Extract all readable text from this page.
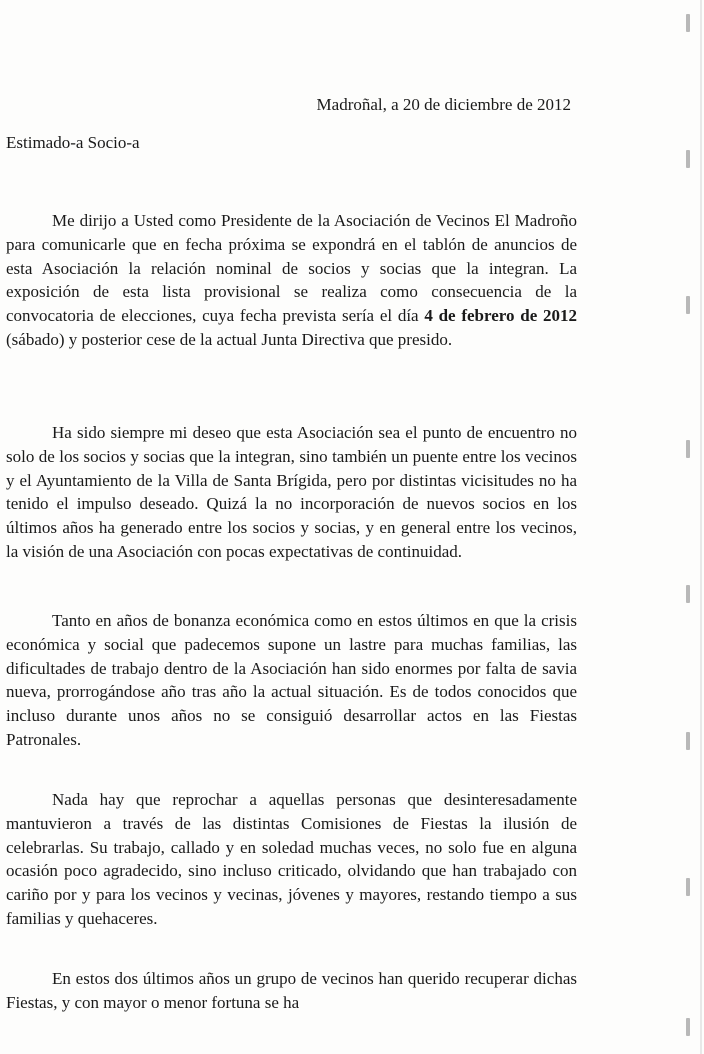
Madroñal, a 20 de diciembre de 2012
Estimado-a Socio-a

Me dirijo a Usted como Presidente de la Asociación de Vecinos El Madroño para comunicarle que en fecha próxima se expondrá en el tablón de anuncios de esta Asociación la relación nominal de socios y socias que la integran. La exposición de esta lista provisional se realiza como consecuencia de la convocatoria de elecciones, cuya fecha prevista sería el día 4 de febrero de 2012 (sábado) y posterior cese de la actual Junta Directiva que presido.

Ha sido siempre mi deseo que esta Asociación sea el punto de encuentro no solo de los socios y socias que la integran, sino también un puente entre los vecinos y el Ayuntamiento de la Villa de Santa Brígida, pero por distintas vicisitudes no ha tenido el impulso deseado. Quizá la no incorporación de nuevos socios en los últimos años ha generado entre los socios y socias, y en general entre los vecinos, la visión de una Asociación con pocas expectativas de continuidad.

Tanto en años de bonanza económica como en estos últimos en que la crisis económica y social que padecemos supone un lastre para muchas familias, las dificultades de trabajo dentro de la Asociación han sido enormes por falta de savia nueva, prorrogándose año tras año la actual situación. Es de todos conocidos que incluso durante unos años no se consiguió desarrollar actos en las Fiestas Patronales.

Nada hay que reprochar a aquellas personas que desinteresadamente mantuvieron a través de las distintas Comisiones de Fiestas la ilusión de celebrarlas. Su trabajo, callado y en soledad muchas veces, no solo fue en alguna ocasión poco agradecido, sino incluso criticado, olvidando que han trabajado con cariño por y para los vecinos y vecinas, jóvenes y mayores, restando tiempo a sus familias y quehaceres.

En estos dos últimos años un grupo de vecinos han querido recuperar dichas Fiestas, y con mayor o menor fortuna se ha
